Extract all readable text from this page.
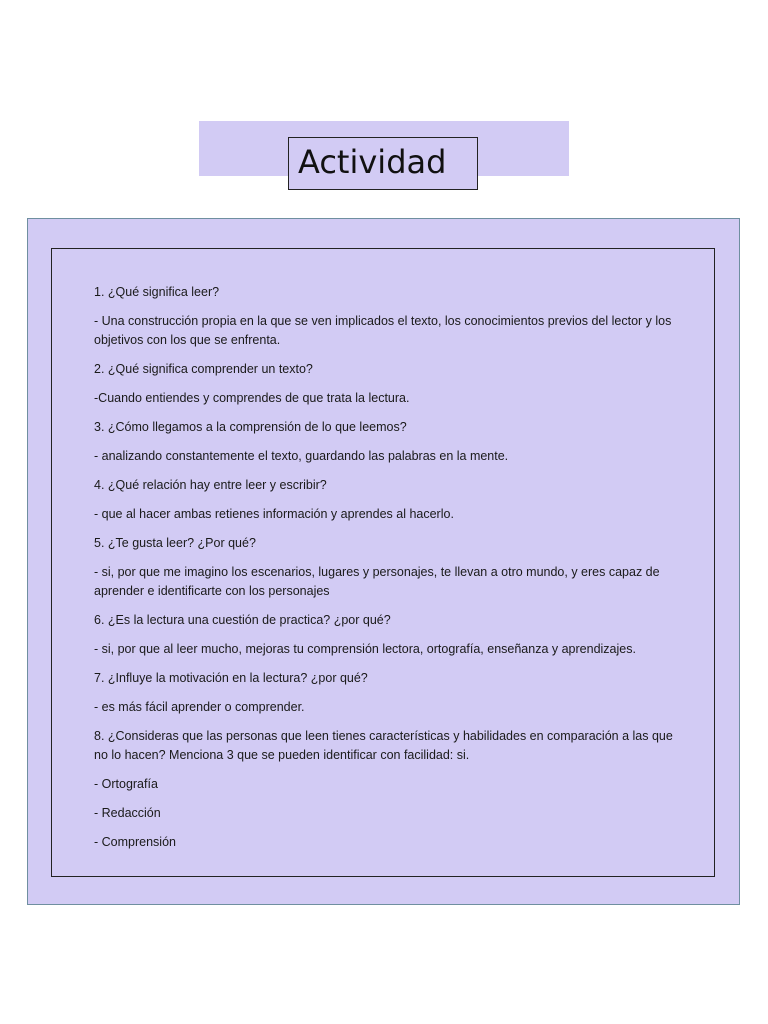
Actividad

1. ¿Qué significa leer?

- Una construcción propia en la que se ven implicados el texto, los conocimientos previos del lector y los objetivos con los que se enfrenta.

2. ¿Qué significa comprender un texto?

-Cuando entiendes y comprendes de que trata la lectura.

3. ¿Cómo llegamos a la comprensión de lo que leemos?

- analizando constantemente el texto, guardando las palabras en la mente.

4. ¿Qué relación hay entre leer y escribir?

- que al hacer ambas retienes información y aprendes al hacerlo.

5. ¿Te gusta leer? ¿Por qué?

- si, por que me imagino los escenarios, lugares y personajes, te llevan a otro mundo, y eres capaz de aprender e identificarte con los personajes

6. ¿Es la lectura una cuestión de practica? ¿por qué?

- si, por que al leer mucho, mejoras tu comprensión lectora, ortografía, enseñanza y aprendizajes.

7. ¿Influye la motivación en la lectura? ¿por qué?

- es más fácil aprender o comprender.

8. ¿Consideras que las personas que leen tienes características y habilidades en comparación a las que no lo hacen? Menciona 3 que se pueden identificar con facilidad: si.

- Ortografía

- Redacción

- Comprensión
